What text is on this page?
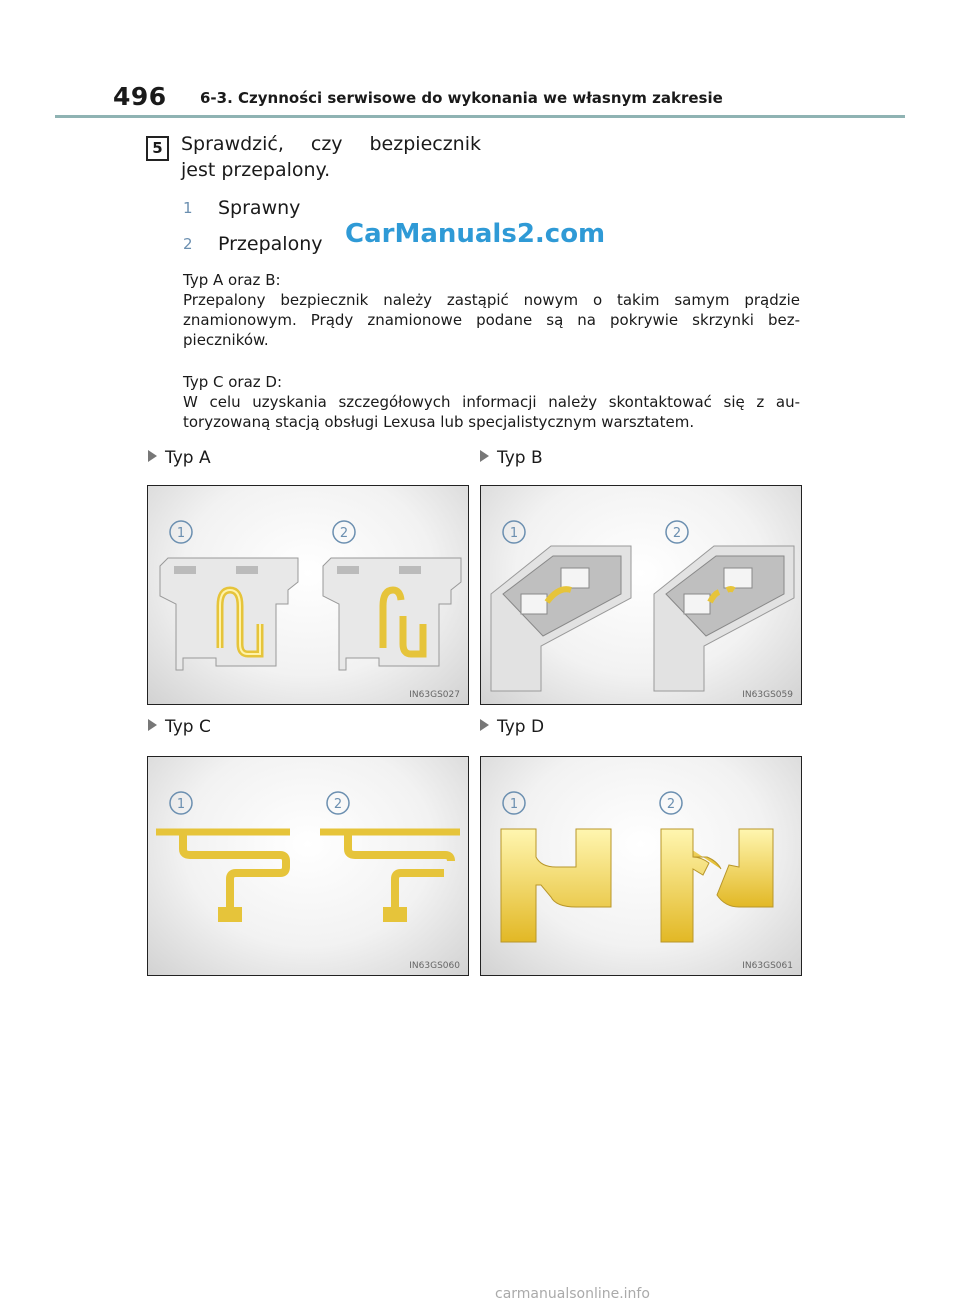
496 6-3. Czynności serwisowe do wykonania we własnym zakresie
5 Sprawdzić, czy bezpiecznik
jest przepalony.
1 Sprawny
2 Przepalony CarManuals2.com
Typ A oraz B:
Przepalony bezpiecznik należy zastąpić nowym o takim samym prądzie
znamionowym. Prądy znamionowe podane są na pokrywie skrzynki bez-
pieczników.
Typ C oraz D:
W celu uzyskania szczegółowych informacji należy skontaktować się z au-
toryzowaną stacją obsługi Lexusa lub specjalistycznym warsztatem.
Typ A	Typ B
Typ C	Typ D
1	2
IN63GS027
1	2
IN63GS059
1	2
IN63GS060
1	2
IN63GS061
carmanualsonline.info
